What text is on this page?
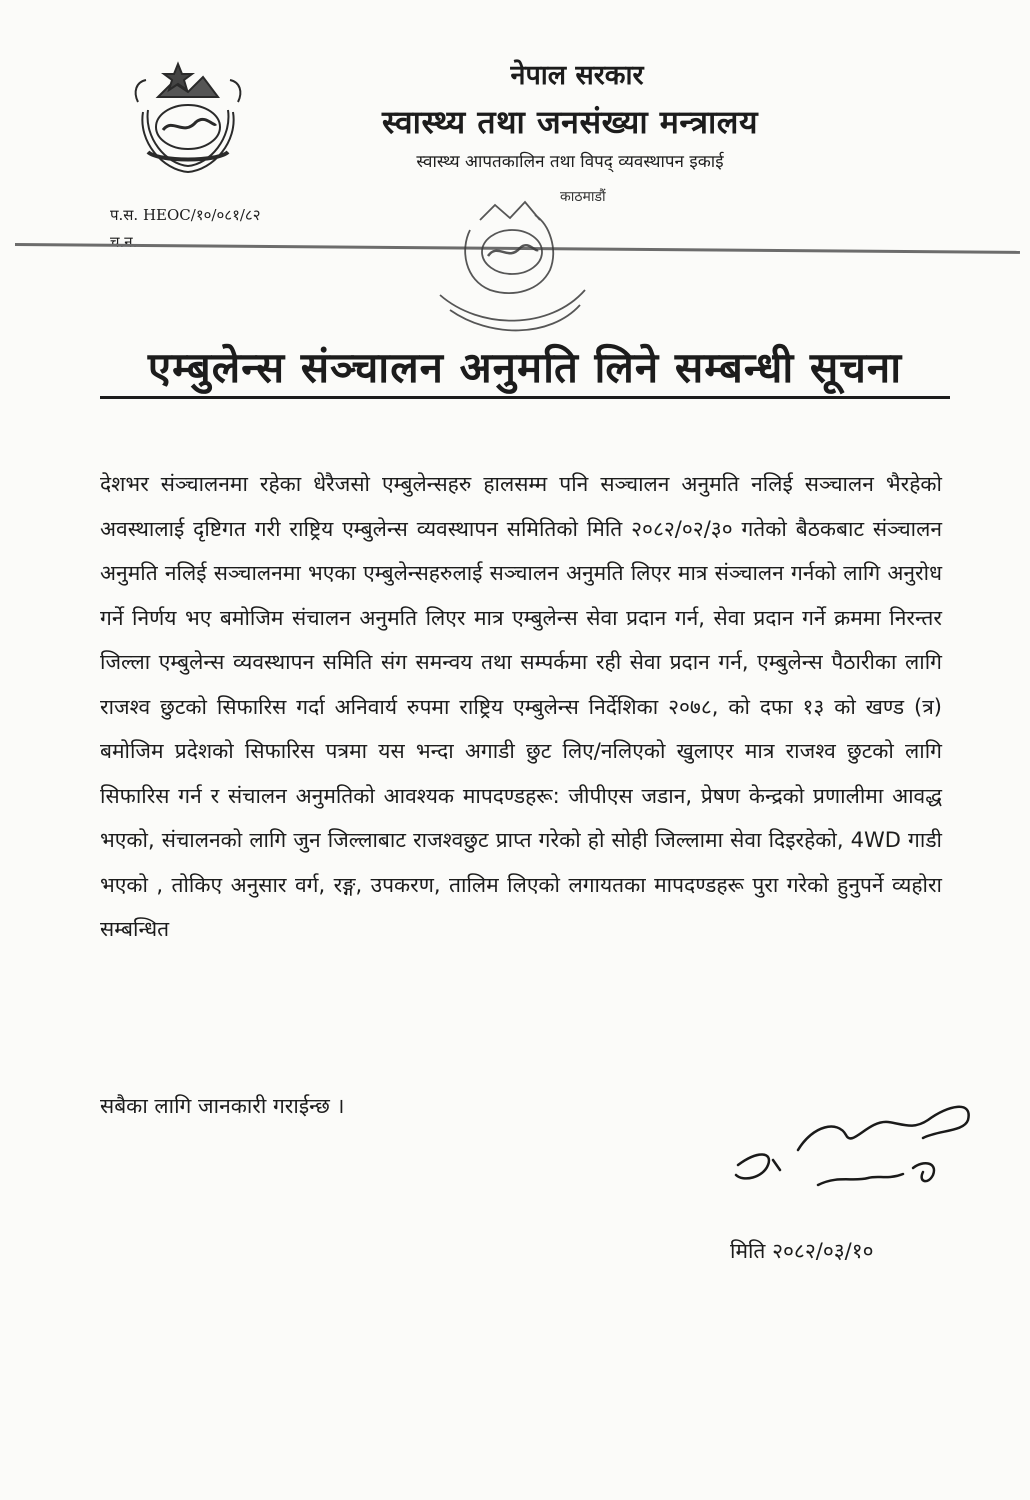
नेपाल सरकार
स्वास्थ्य तथा जनसंख्या मन्त्रालय
स्वास्थ्य आपतकालिन तथा विपद् व्यवस्थापन इकाई
काठमाडौं
प.स. HEOC/१०/०८१/८२
च.न.
एम्बुलेन्स संञ्चालन अनुमति लिने सम्बन्धी सूचना
देशभर संञ्चालनमा रहेका धेरैजसो एम्बुलेन्सहरु हालसम्म पनि सञ्चालन अनुमति नलिई सञ्चालन भैरहेको अवस्थालाई दृष्टिगत गरी राष्ट्रिय एम्बुलेन्स व्यवस्थापन समितिको मिति २०८२/०२/३० गतेको बैठकबाट संञ्चालन अनुमति नलिई सञ्चालनमा भएका एम्बुलेन्सहरुलाई सञ्चालन अनुमति लिएर मात्र संञ्चालन गर्नको लागि अनुरोध गर्ने निर्णय भए बमोजिम संचालन अनुमति लिएर मात्र एम्बुलेन्स सेवा प्रदान गर्न, सेवा प्रदान गर्ने क्रममा निरन्तर जिल्ला एम्बुलेन्स व्यवस्थापन समिति संग समन्वय तथा सम्पर्कमा रही सेवा प्रदान गर्न, एम्बुलेन्स पैठारीका लागि राजश्व छुटको सिफारिस गर्दा अनिवार्य रुपमा राष्ट्रिय एम्बुलेन्स निर्देशिका २०७८, को दफा १३ को खण्ड (त्र) बमोजिम प्रदेशको सिफारिस पत्रमा यस भन्दा अगाडी छुट लिए/नलिएको खुलाएर मात्र राजश्व छुटको लागि सिफारिस गर्न र संचालन अनुमतिको आवश्यक मापदण्डहरू: जीपीएस जडान, प्रेषण केन्द्रको प्रणालीमा आवद्ध भएको, संचालनको लागि जुन जिल्लाबाट राजश्वछुट प्राप्त गरेको हो सोही जिल्लामा सेवा दिइरहेको, 4WD गाडी भएको , तोकिए अनुसार वर्ग, रङ्ग, उपकरण, तालिम लिएको लगायतका मापदण्डहरू पुरा गरेको हुनुपर्ने व्यहोरा सम्बन्धित
सबैका लागि जानकारी गराईन्छ ।
मिति २०८२/०३/१०
